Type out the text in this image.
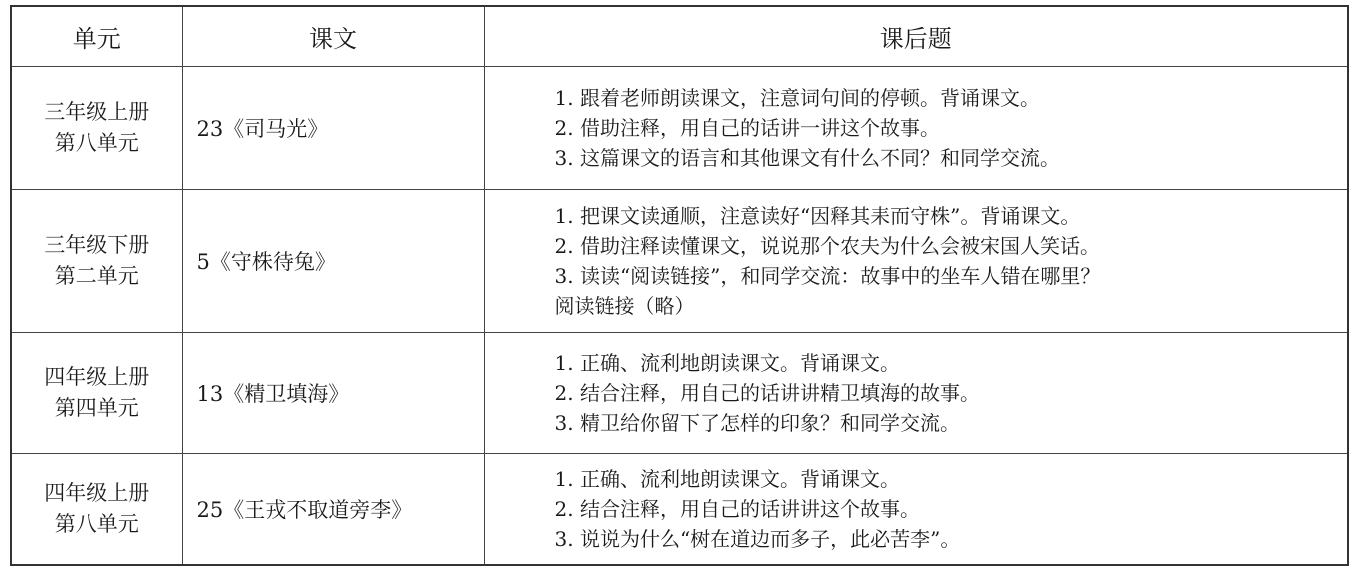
单元	课文	课后题

三年级上册
第八单元	23《司马光》	1. 跟着老师朗读课文，注意词句间的停顿。背诵课文。
2. 借助注释，用自己的话讲一讲这个故事。
3. 这篇课文的语言和其他课文有什么不同？和同学交流。

三年级下册
第二单元	5《守株待兔》	1. 把课文读通顺，注意读好“因释其耒而守株”。背诵课文。
2. 借助注释读懂课文，说说那个农夫为什么会被宋国人笑话。
3. 读读“阅读链接”，和同学交流：故事中的坐车人错在哪里？
阅读链接（略）

四年级上册
第四单元	13《精卫填海》	1. 正确、流利地朗读课文。背诵课文。
2. 结合注释，用自己的话讲讲精卫填海的故事。
3. 精卫给你留下了怎样的印象？和同学交流。

四年级上册
第八单元	25《王戎不取道旁李》	1. 正确、流利地朗读课文。背诵课文。
2. 结合注释，用自己的话讲讲这个故事。
3. 说说为什么“树在道边而多子，此必苦李”。
